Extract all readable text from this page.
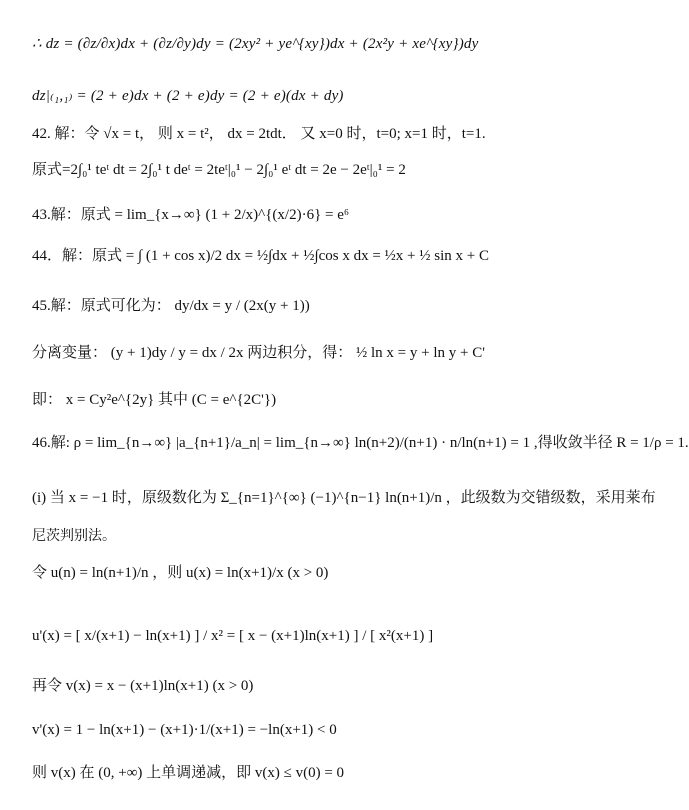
∴ dz = (∂z/∂x)dx + (∂z/∂y)dy = (2xy² + ye^{xy})dx + (2x²y + xe^{xy})dy
dz|₍₁,₁₎ = (2 + e)dx + (2 + e)dy = (2 + e)(dx + dy)
42. 解：令 √x = t， 则 x = t²， dx = 2tdt． 又 x=0 时，t=0; x=1 时，t=1.
原式=2∫₀¹ teᵗ dt = 2∫₀¹ t deᵗ = 2teᵗ|₀¹ − 2∫₀¹ eᵗ dt = 2e − 2eᵗ|₀¹ = 2
43.解：原式 = lim_{x→∞} (1 + 2/x)^{(x/2)·6} = e⁶
44．解：原式 = ∫ (1 + cos x)/2 dx = ½∫dx + ½∫cos x dx = ½x + ½ sin x + C
45.解：原式可化为： dy/dx = y / (2x(y + 1))
分离变量： (y + 1)dy / y = dx / 2x 两边积分，得： ½ ln x = y + ln y + C'
即： x = Cy²e^{2y} 其中 (C = e^{2C'})
46.解: ρ = lim_{n→∞} |a_{n+1}/a_n| = lim_{n→∞} ln(n+2)/(n+1) · n/ln(n+1) = 1 ,得收敛半径 R = 1/ρ = 1.
(i) 当 x = −1 时，原级数化为 Σ_{n=1}^{∞} (−1)^{n−1} ln(n+1)/n ，此级数为交错级数，采用莱布
尼茨判别法。
令 u(n) = ln(n+1)/n ，则 u(x) = ln(x+1)/x (x > 0)
u'(x) = [ x/(x+1) − ln(x+1) ] / x² = [ x − (x+1)ln(x+1) ] / [ x²(x+1) ]
再令 v(x) = x − (x+1)ln(x+1) (x > 0)
v'(x) = 1 − ln(x+1) − (x+1)·1/(x+1) = −ln(x+1) < 0
则 v(x) 在 (0, +∞) 上单调递减，即 v(x) ≤ v(0) = 0
